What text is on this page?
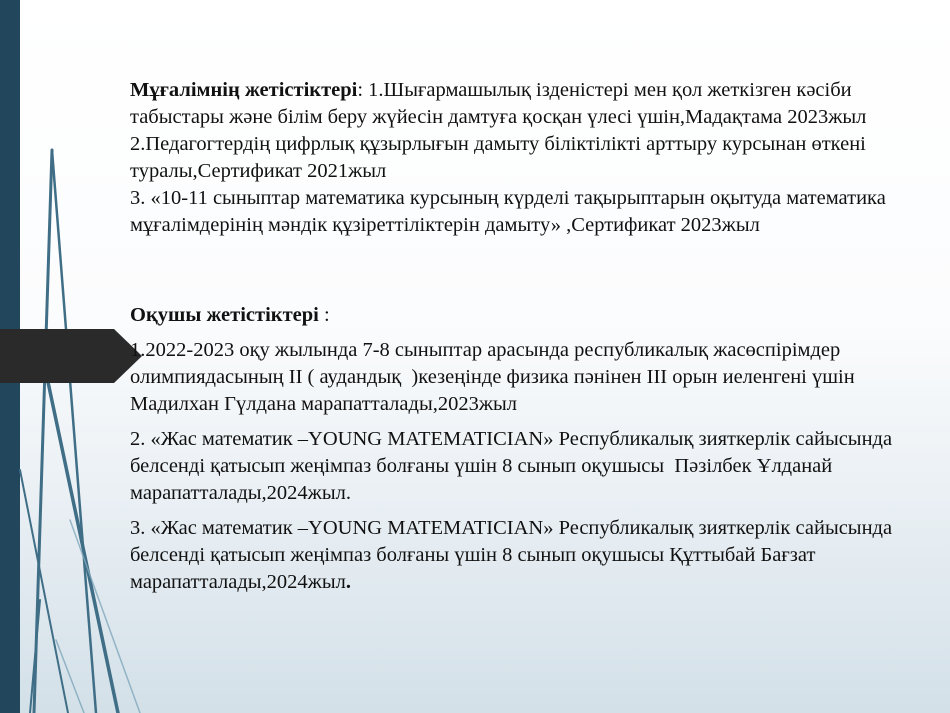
Мұғалімнің жетістіктері: 1.Шығармашылық ізденістері мен қол жеткізген кәсіби табыстары және білім беру жүйесін дамтуға қосқан үлесі үшін,Мадақтама 2023жыл

2.Педагогтердің цифрлық құзырлығын дамыту біліктілікті арттыру курсынан өткені туралы,Сертификат 2021жыл

3. «10-11 сыныптар математика курсының күрделі тақырыптарын оқытуда математика мұғалімдерінің мәндік құзіреттіліктерін дамыту» ,Сертификат 2023жыл

Оқушы жетістіктері :

1.2022-2023 оқу жылында 7-8 сыныптар арасында республикалық жасөспірімдер олимпиядасының II ( аудандық  )кезеңінде физика пәнінен III орын иеленгені үшін Мадилхан Гүлдана марапатталады,2023жыл

2. «Жас математик –YOUNG MATEMATICIAN» Республикалық зияткерлік сайысында белсенді қатысып жеңімпаз болғаны үшін 8 сынып оқушысы  Пәзілбек Ұлданай марапатталады,2024жыл.

3. «Жас математик –YOUNG MATEMATICIAN» Республикалық зияткерлік сайысында белсенді қатысып жеңімпаз болғаны үшін 8 сынып оқушысы Құттыбай Бағзат марапатталады,2024жыл.
